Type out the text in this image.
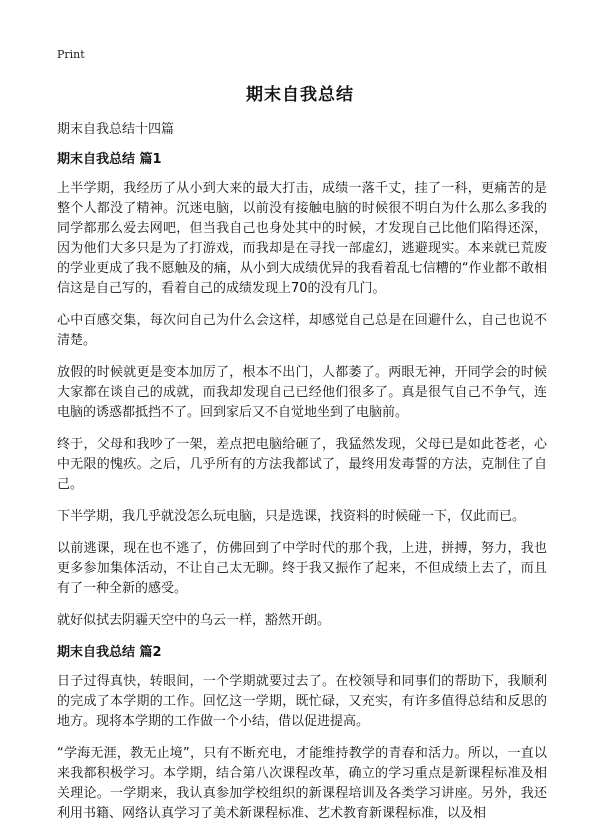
Print
期末自我总结
期末自我总结十四篇
期末自我总结 篇1

上半学期，我经历了从小到大来的最大打击，成绩一落千丈，挂了一科，更痛苦的是整个人都没了精神。沉迷电脑，以前没有接触电脑的时候很不明白为什么那么多我的同学都那么爱去网吧，但当我自己也身处其中的时候，才发现自己比他们陷得还深，因为他们大多只是为了打游戏，而我却是在寻找一部虚幻，逃避现实。本来就已荒废的学业更成了我不愿触及的痛，从小到大成绩优异的我看着乱七信糟的“作业都不敢相信这是自己写的，看着自己的成绩发现上70的没有几门。

心中百感交集，每次问自己为什么会这样，却感觉自己总是在回避什么，自己也说不清楚。

放假的时候就更是变本加厉了，根本不出门，人都萎了。两眼无神，开同学会的时候大家都在谈自己的成就，而我却发现自己已经他们很多了。真是很气自己不争气，连电脑的诱惑都抵挡不了。回到家后又不自觉地坐到了电脑前。

终于，父母和我吵了一架，差点把电脑给砸了，我猛然发现，父母已是如此苍老，心中无限的愧疚。之后，几乎所有的方法我都试了，最终用发毒誓的方法，克制住了自己。

下半学期，我几乎就没怎么玩电脑，只是选课，找资料的时候碰一下，仅此而已。

以前逃课，现在也不逃了，仿佛回到了中学时代的那个我，上进，拼搏，努力，我也更多参加集体活动，不让自己太无聊。终于我又振作了起来，不但成绩上去了，而且有了一种全新的感受。

就好似拭去阴霾天空中的乌云一样，豁然开朗。

期末自我总结 篇2

日子过得真快，转眼间，一个学期就要过去了。在校领导和同事们的帮助下，我顺利的完成了本学期的工作。回忆这一学期，既忙碌，又充实，有许多值得总结和反思的地方。现将本学期的工作做一个小结，借以促进提高。

“学海无涯，教无止境”，只有不断充电，才能维持教学的青春和活力。所以，一直以来我都积极学习。本学期，结合第八次课程改革，确立的学习重点是新课程标准及相关理论。一学期来，我认真参加学校组织的新课程培训及各类学习讲座。另外，我还利用书籍、网络认真学习了美术新课程标准、艺术教育新课程标准，以及相
